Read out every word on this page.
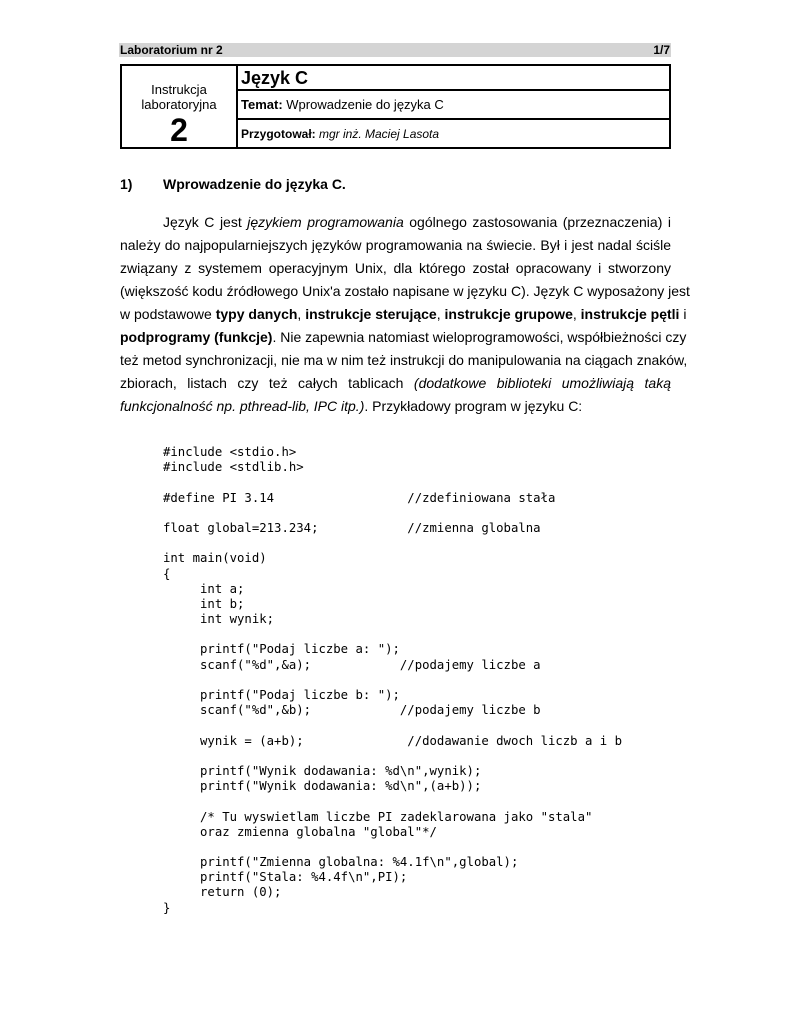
Laboratorium nr 2	1/7
Instrukcja
laboratoryjna
2
Język C
Temat: Wprowadzenie do języka C
Przygotował: mgr inż. Maciej Lasota
1) Wprowadzenie do języka C.
Język C jest językiem programowania ogólnego zastosowania (przeznaczenia) i
należy do najpopularniejszych języków programowania na świecie. Był i jest nadal ściśle
związany z systemem operacyjnym Unix, dla którego został opracowany i stworzony
(większość kodu źródłowego Unix'a zostało napisane w języku C). Język C wyposażony jest
w podstawowe typy danych, instrukcje sterujące, instrukcje grupowe, instrukcje pętli i
podprogramy (funkcje). Nie zapewnia natomiast wieloprogramowości, współbieżności czy
też metod synchronizacji, nie ma w nim też instrukcji do manipulowania na ciągach znaków,
zbiorach, listach czy też całych tablicach (dodatkowe biblioteki umożliwiają taką
funkcjonalność np. pthread-lib, IPC itp.). Przykładowy program w języku C:
#include <stdio.h>
#include <stdlib.h>

#define PI 3.14                  //zdefiniowana stała

float global=213.234;            //zmienna globalna

int main(void)
{
int a;
int b;
int wynik;

printf("Podaj liczbe a: ");
scanf("%d",&a);            //podajemy liczbe a

printf("Podaj liczbe b: ");
scanf("%d",&b);            //podajemy liczbe b

wynik = (a+b);              //dodawanie dwoch liczb a i b

printf("Wynik dodawania: %d\n",wynik);
printf("Wynik dodawania: %d\n",(a+b));

/* Tu wyswietlam liczbe PI zadeklarowana jako "stala"
oraz zmienna globalna "global"*/

printf("Zmienna globalna: %4.1f\n",global);
printf("Stala: %4.4f\n",PI);
return (0);
}
